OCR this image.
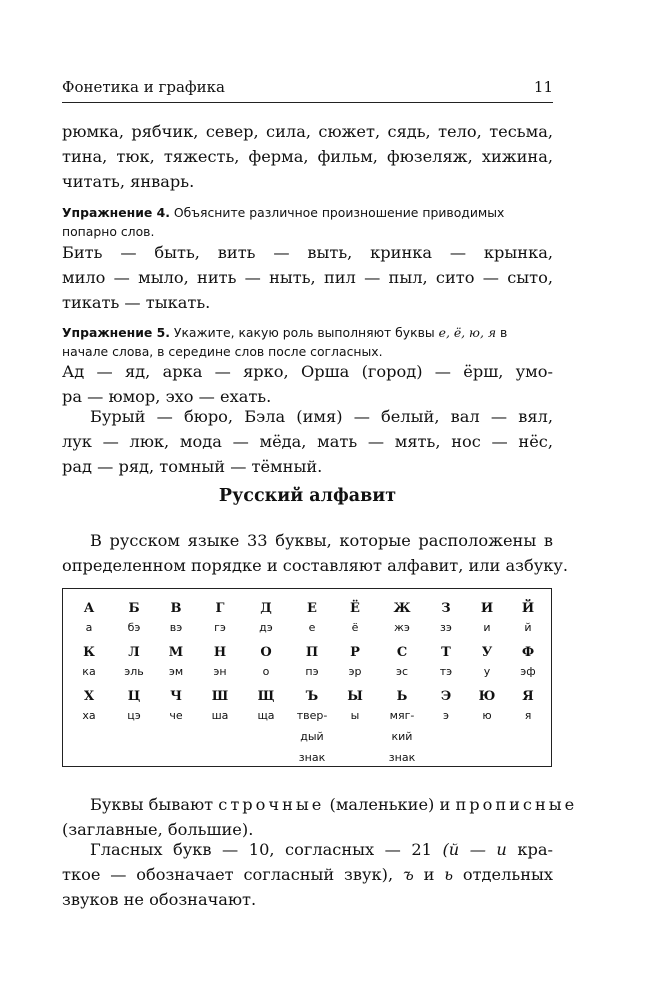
Фонетика и графика	11
рюмка, рябчик, север, сила, сюжет, сядь, тело, тесьма,
тина, тюк, тяжесть, ферма, фильм, фюзеляж, хижина,
читать, январь.
Упражнение 4. Объясните различное произношение приводимых
попарно слов.
Бить — быть, вить — выть, кринка — крынка,
мило — мыло, нить — ныть, пил — пыл, сито — сыто,
тикать — тыкать.
Упражнение 5. Укажите, какую роль выполняют буквы е, ё, ю, я в
начале слова, в середине слов после согласных.
Ад — яд, арка — ярко, Орша (город) — ёрш, умо-
ра — юмор, эхо — ехать.
Бурый — бюро, Бэла (имя) — белый, вал — вял,
лук — люк, мода — мёда, мать — мять, нос — нёс,
рад — ряд, томный — тёмный.
Русский алфавит
В русском языке 33 буквы, которые расположены в
определенном порядке и составляют алфавит, или азбуку.
А
а
Б
бэ
В
вэ
Г
гэ
Д
дэ
Е
е
Ё
ё
Ж
жэ
З
зэ
И
и
Й
й
К
ка
Л
эль
М
эм
Н
эн
О
о
П
пэ
Р
эр
С
эс
Т
тэ
У
у
Ф
эф
Х
ха
Ц
цэ
Ч
че
Ш
ша
Щ
ща
Ъ
твер-
дый
знак
Ы
ы
Ь
мяг-
кий
знак
Э
э
Ю
ю
Я
я
Буквы бывают строчные (маленькие) и прописные
(заглавные, большие).
Гласных букв — 10, согласных — 21 (й — и кра-
ткое — обозначает согласный звук), ъ и ь отдельных
звуков не обозначают.
